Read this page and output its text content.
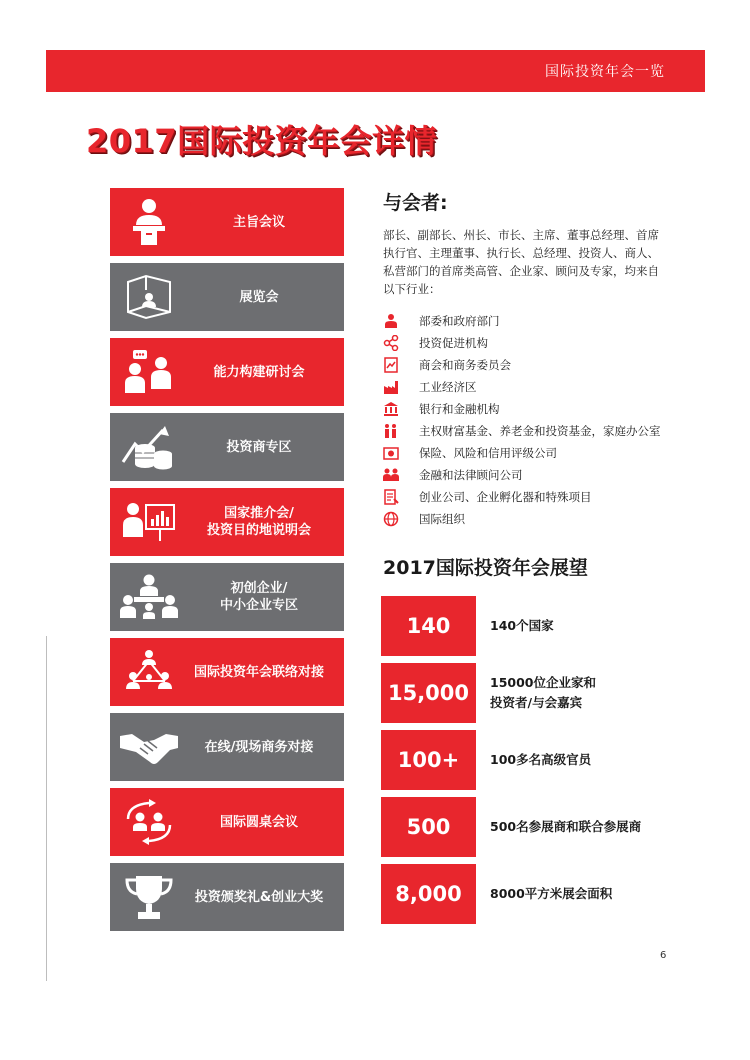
国际投资年会一览
2017国际投资年会详情
主旨会议
展览会
能力构建研讨会
投资商专区
国家推介会/
投资目的地说明会
初创企业/
中小企业专区
国际投资年会联络对接
在线/现场商务对接
国际圆桌会议
投资颁奖礼&创业大奖
与会者:

部长、副部长、州长、市长、主席、董事总经理、首席执行官、主理董事、执行长、总经理、投资人、商人、私营部门的首席类高管、企业家、顾问及专家，均来自以下行业：

部委和政府部门
投资促进机构
商会和商务委员会
工业经济区
银行和金融机构
主权财富基金、养老金和投资基金，家庭办公室
保险、风险和信用评级公司
金融和法律顾问公司
创业公司、企业孵化器和特殊项目
国际组织
2017国际投资年会展望
140	140个国家
15,000	15000位企业家和
投资者/与会嘉宾
100+	100多名高级官员
500	500名参展商和联合参展商
8,000	8000平方米展会面积
6
